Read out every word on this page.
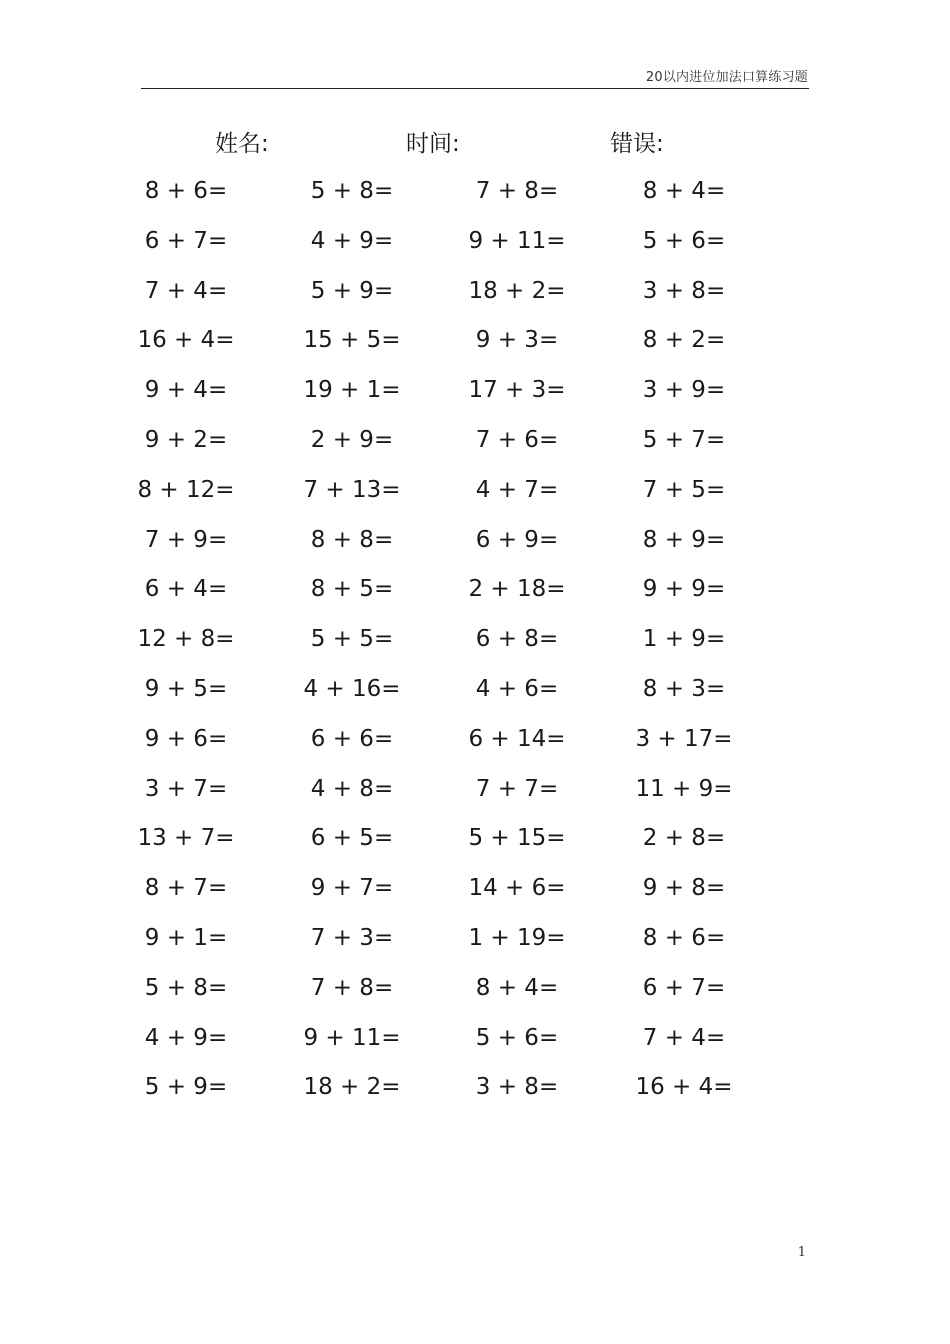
20以内进位加法口算练习题
姓名:	时间:	错误:
8 + 6=	5 + 8=	7 + 8=	8 + 4=
6 + 7=	4 + 9=	9 + 11=	5 + 6=
7 + 4=	5 + 9=	18 + 2=	3 + 8=
16 + 4=	15 + 5=	9 + 3=	8 + 2=
9 + 4=	19 + 1=	17 + 3=	3 + 9=
9 + 2=	2 + 9=	7 + 6=	5 + 7=
8 + 12=	7 + 13=	4 + 7=	7 + 5=
7 + 9=	8 + 8=	6 + 9=	8 + 9=
6 + 4=	8 + 5=	2 + 18=	9 + 9=
12 + 8=	5 + 5=	6 + 8=	1 + 9=
9 + 5=	4 + 16=	4 + 6=	8 + 3=
9 + 6=	6 + 6=	6 + 14=	3 + 17=
3 + 7=	4 + 8=	7 + 7=	11 + 9=
13 + 7=	6 + 5=	5 + 15=	2 + 8=
8 + 7=	9 + 7=	14 + 6=	9 + 8=
9 + 1=	7 + 3=	1 + 19=	8 + 6=
5 + 8=	7 + 8=	8 + 4=	6 + 7=
4 + 9=	9 + 11=	5 + 6=	7 + 4=
5 + 9=	18 + 2=	3 + 8=	16 + 4=
1
